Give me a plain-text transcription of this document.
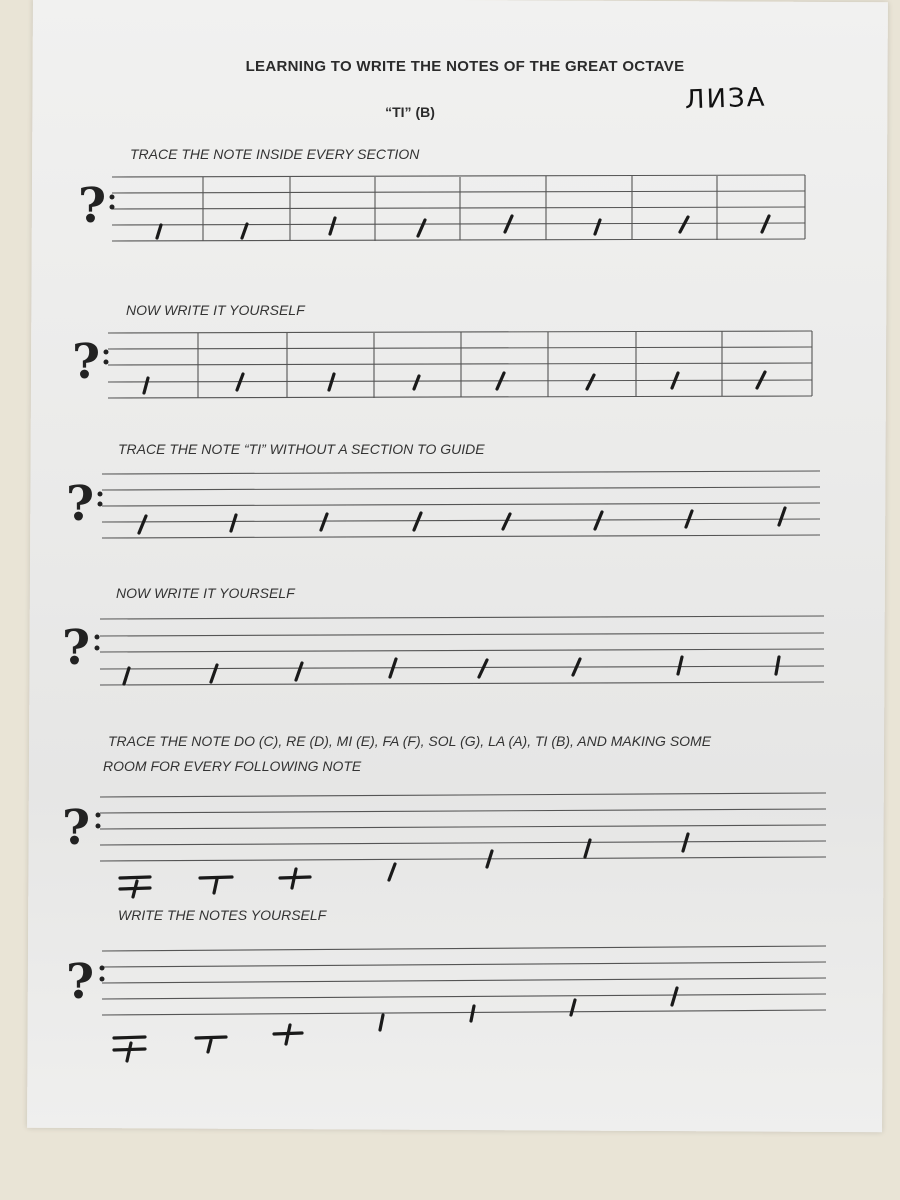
LEARNING TO WRITE THE NOTES OF THE GREAT OCTAVE
“TI” (B)	ЛИЗА
TRACE THE NOTE INSIDE EVERY SECTION
NOW WRITE IT YOURSELF
TRACE THE NOTE “TI” WITHOUT A SECTION TO GUIDE
NOW WRITE IT YOURSELF
TRACE THE NOTE DO (C), RE (D), MI (E), FA (F), SOL (G), LA (A), TI (B), AND MAKING SOME
ROOM FOR EVERY FOLLOWING NOTE
WRITE THE NOTES YOURSELF
?
?
?
?
?
?
